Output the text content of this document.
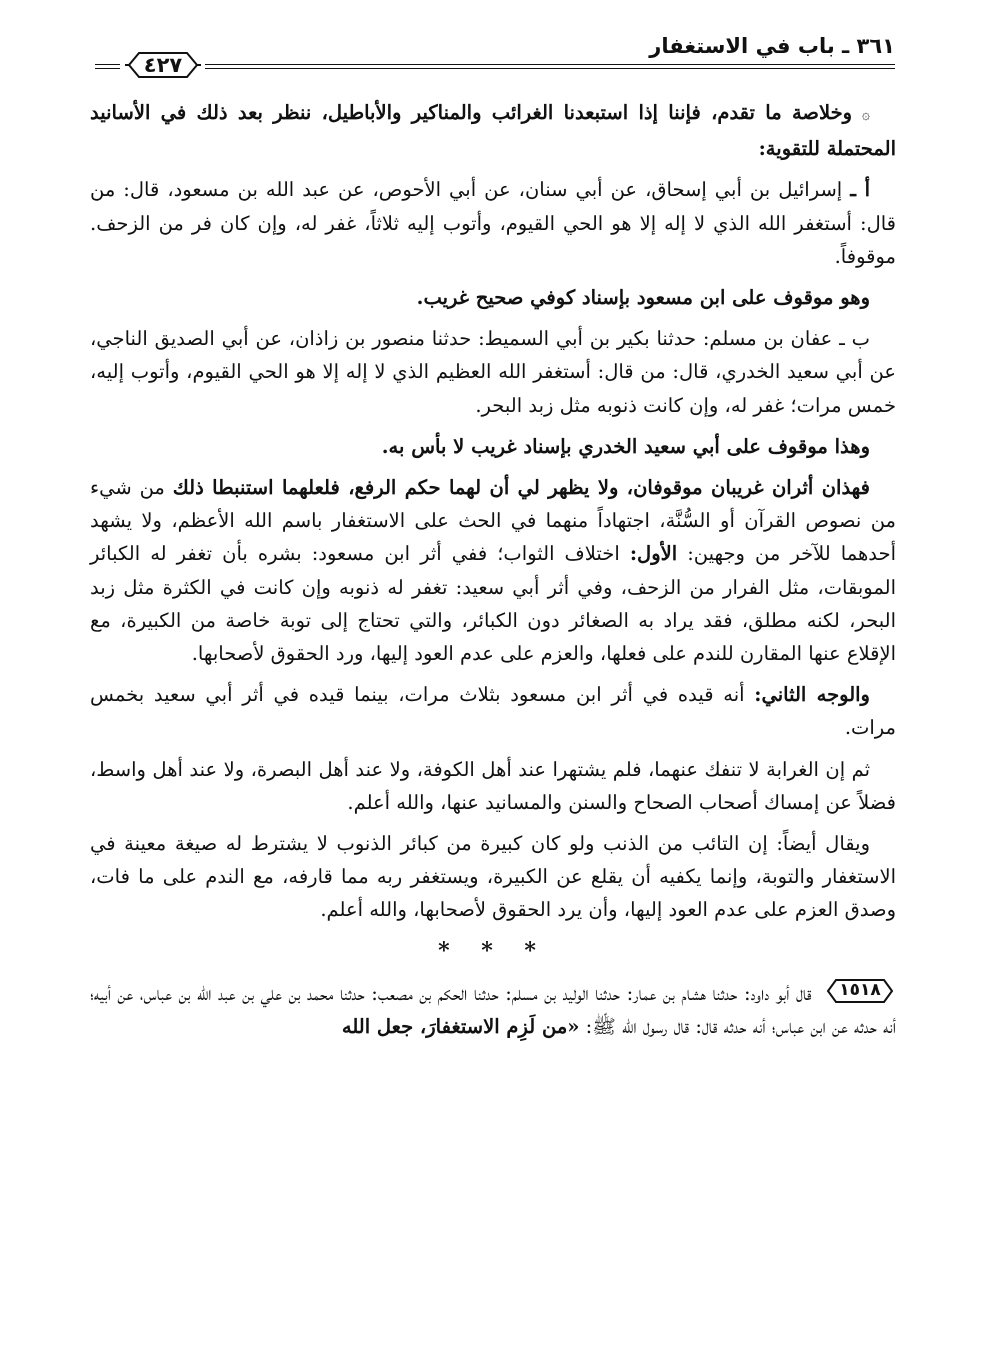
٣٦١ ـ باب في الاستغفار
٤٢٧

۞ وخلاصة ما تقدم، فإننا إذا استبعدنا الغرائب والمناكير والأباطيل، ننظر بعد ذلك في الأسانيد المحتملة للتقوية:

أ ـ إسرائيل بن أبي إسحاق، عن أبي سنان، عن أبي الأحوص، عن عبد الله بن مسعود، قال: من قال: أستغفر الله الذي لا إله إلا هو الحي القيوم، وأتوب إليه ثلاثاً، غفر له، وإن كان فر من الزحف. موقوفاً.

وهو موقوف على ابن مسعود بإسناد كوفي صحيح غريب.

ب ـ عفان بن مسلم: حدثنا بكير بن أبي السميط: حدثنا منصور بن زاذان، عن أبي الصديق الناجي، عن أبي سعيد الخدري، قال: من قال: أستغفر الله العظيم الذي لا إله إلا هو الحي القيوم، وأتوب إليه، خمس مرات؛ غفر له، وإن كانت ذنوبه مثل زبد البحر.

وهذا موقوف على أبي سعيد الخدري بإسناد غريب لا بأس به.

فهذان أثران غريبان موقوفان، ولا يظهر لي أن لهما حكم الرفع، فلعلهما استنبطا ذلك من شيء من نصوص القرآن أو السُّنَّة، اجتهاداً منهما في الحث على الاستغفار باسم الله الأعظم، ولا يشهد أحدهما للآخر من وجهين: الأول: اختلاف الثواب؛ ففي أثر ابن مسعود: بشره بأن تغفر له الكبائر الموبقات، مثل الفرار من الزحف، وفي أثر أبي سعيد: تغفر له ذنوبه وإن كانت في الكثرة مثل زبد البحر، لكنه مطلق، فقد يراد به الصغائر دون الكبائر، والتي تحتاج إلى توبة خاصة من الكبيرة، مع الإقلاع عنها المقارن للندم على فعلها، والعزم على عدم العود إليها، ورد الحقوق لأصحابها.

والوجه الثاني: أنه قيده في أثر ابن مسعود بثلاث مرات، بينما قيده في أثر أبي سعيد بخمس مرات.

ثم إن الغرابة لا تنفك عنهما، فلم يشتهرا عند أهل الكوفة، ولا عند أهل البصرة، ولا عند أهل واسط، فضلاً عن إمساك أصحاب الصحاح والسنن والمسانيد عنها، والله أعلم.

ويقال أيضاً: إن التائب من الذنب ولو كان كبيرة من كبائر الذنوب لا يشترط له صيغة معينة في الاستغفار والتوبة، وإنما يكفيه أن يقلع عن الكبيرة، ويستغفر ربه مما قارفه، مع الندم على ما فات، وصدق العزم على عدم العود إليها، وأن يرد الحقوق لأصحابها، والله أعلم.

* * *

١٥١٨
قال أبو داود: حدثنا هشام بن عمار: حدثنا الوليد بن مسلم: حدثنا الحكم بن مصعب: حدثنا محمد بن علي بن عبد الله بن عباس، عن أبيه؛ أنه حدثه عن ابن عباس؛ أنه حدثه قال: قال رسول الله ﷺ: «من لَزِم الاستغفارَ، جعل الله
